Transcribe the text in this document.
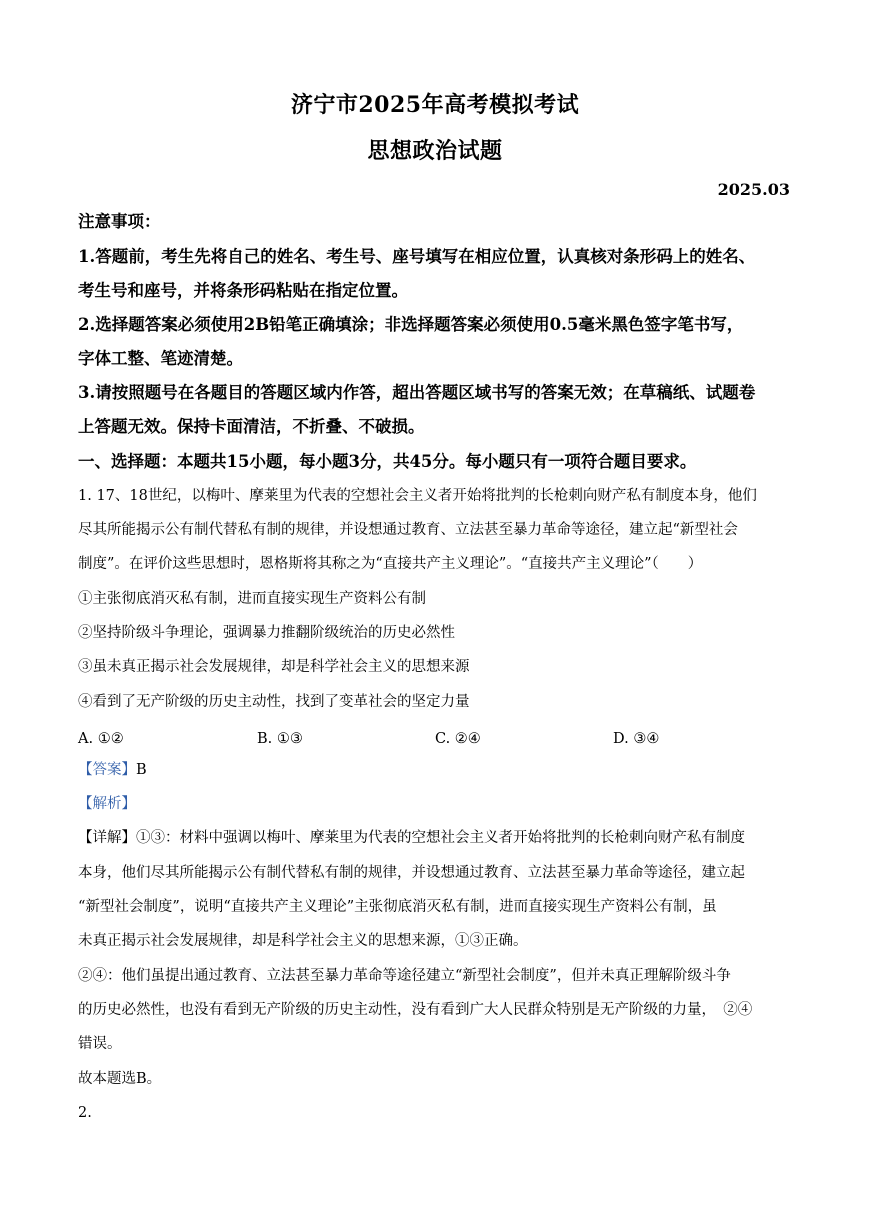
济宁市2025年高考模拟考试
思想政治试题
2025.03
注意事项：
1.答题前，考生先将自己的姓名、考生号、座号填写在相应位置，认真核对条形码上的姓名、
考生号和座号，并将条形码粘贴在指定位置。
2.选择题答案必须使用2B铅笔正确填涂；非选择题答案必须使用0.5毫米黑色签字笔书写，
字体工整、笔迹清楚。
3.请按照题号在各题目的答题区域内作答，超出答题区域书写的答案无效；在草稿纸、试题卷
上答题无效。保持卡面清洁，不折叠、不破损。
一、选择题：本题共15小题，每小题3分，共45分。每小题只有一项符合题目要求。
1. 17、18世纪，以梅叶、摩莱里为代表的空想社会主义者开始将批判的长枪刺向财产私有制度本身，他们
尽其所能揭示公有制代替私有制的规律，并设想通过教育、立法甚至暴力革命等途径，建立起“新型社会
制度”。在评价这些思想时，恩格斯将其称之为“直接共产主义理论”。“直接共产主义理论”（　　）
①主张彻底消灭私有制，进而直接实现生产资料公有制
②坚持阶级斗争理论，强调暴力推翻阶级统治的历史必然性
③虽未真正揭示社会发展规律，却是科学社会主义的思想来源
④看到了无产阶级的历史主动性，找到了变革社会的坚定力量
A. ①②	B. ①③	C. ②④	D. ③④
【答案】B
【解析】
【详解】①③：材料中强调以梅叶、摩莱里为代表的空想社会主义者开始将批判的长枪刺向财产私有制度
本身，他们尽其所能揭示公有制代替私有制的规律，并设想通过教育、立法甚至暴力革命等途径，建立起
“新型社会制度”，说明“直接共产主义理论”主张彻底消灭私有制，进而直接实现生产资料公有制，虽
未真正揭示社会发展规律，却是科学社会主义的思想来源，①③正确。
②④：他们虽提出通过教育、立法甚至暴力革命等途径建立“新型社会制度”，但并未真正理解阶级斗争
的历史必然性，也没有看到无产阶级的历史主动性，没有看到广大人民群众特别是无产阶级的力量，　②④
错误。
故本题选B。
2.
